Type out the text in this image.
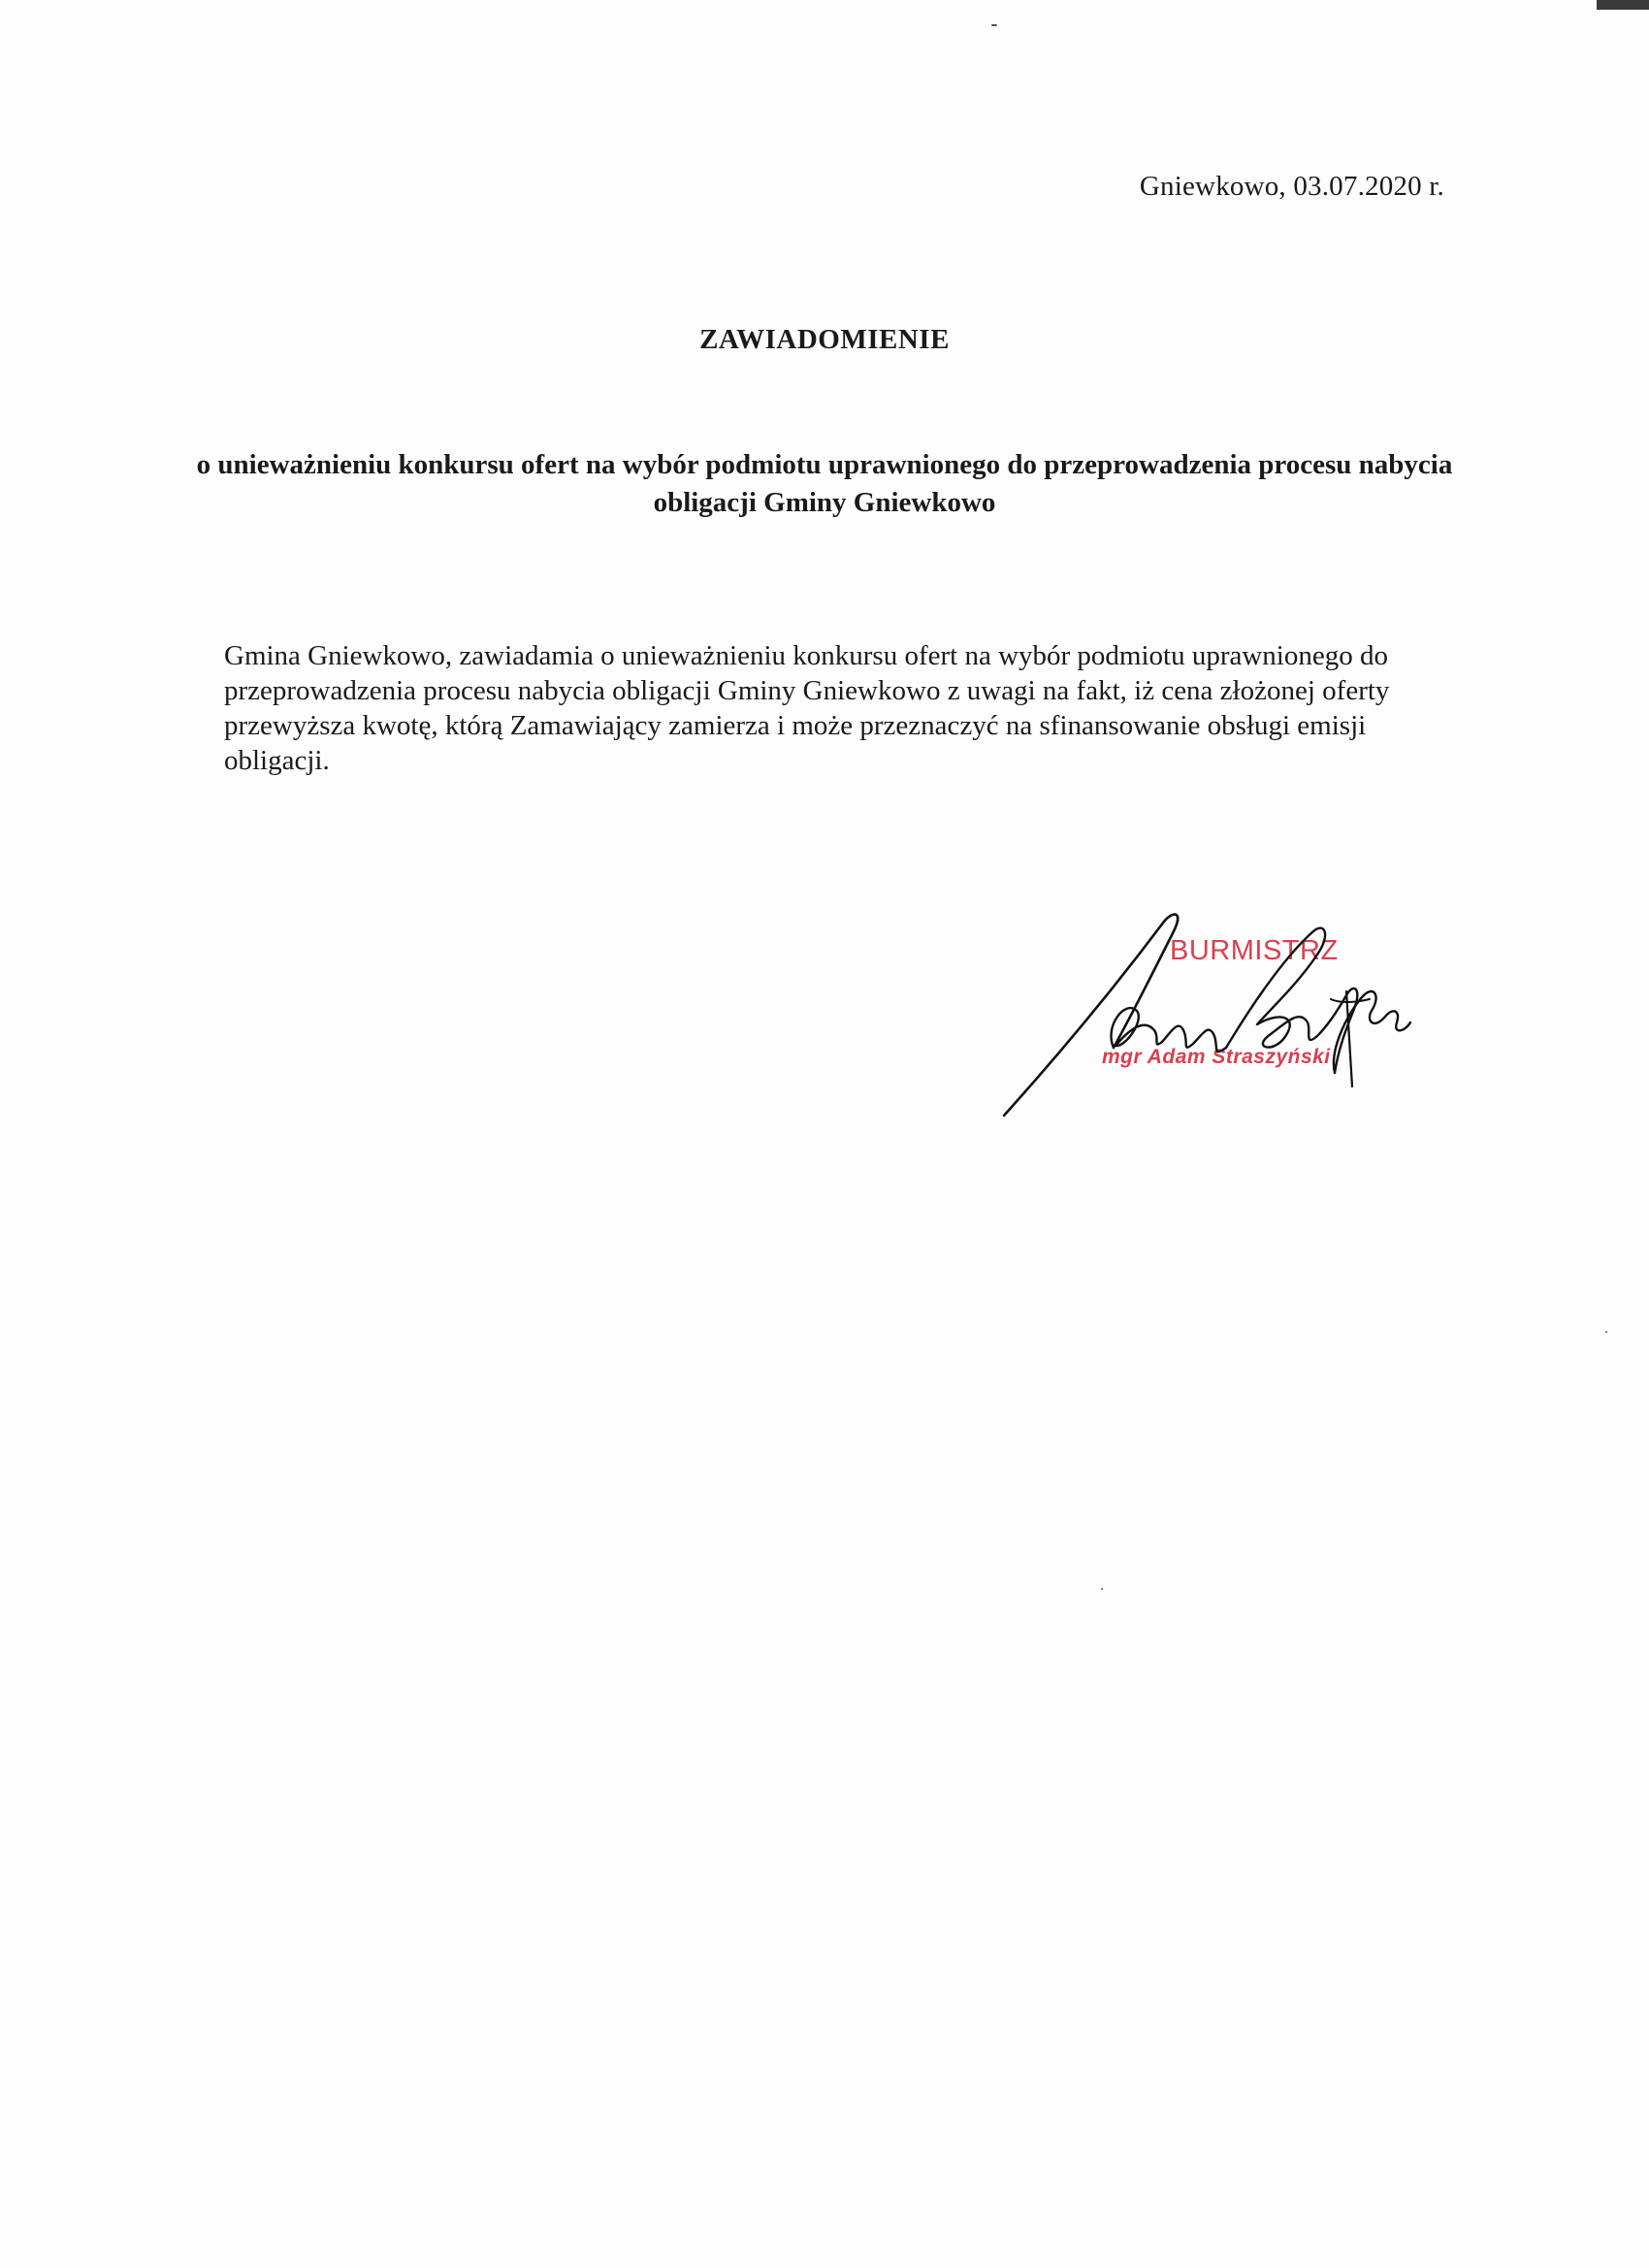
Gniewkowo, 03.07.2020 r.
ZAWIADOMIENIE
o unieważnieniu konkursu ofert na wybór podmiotu uprawnionego do przeprowadzenia procesu nabycia obligacji Gminy Gniewkowo
Gmina Gniewkowo, zawiadamia o unieważnieniu konkursu ofert na wybór podmiotu uprawnionego do przeprowadzenia procesu nabycia obligacji Gminy Gniewkowo z uwagi na fakt, iż cena złożonej oferty przewyższa kwotę, którą Zamawiający zamierza i może przeznaczyć na sfinansowanie obsługi emisji obligacji.
BURMISTRZ
mgr Adam Straszyński
